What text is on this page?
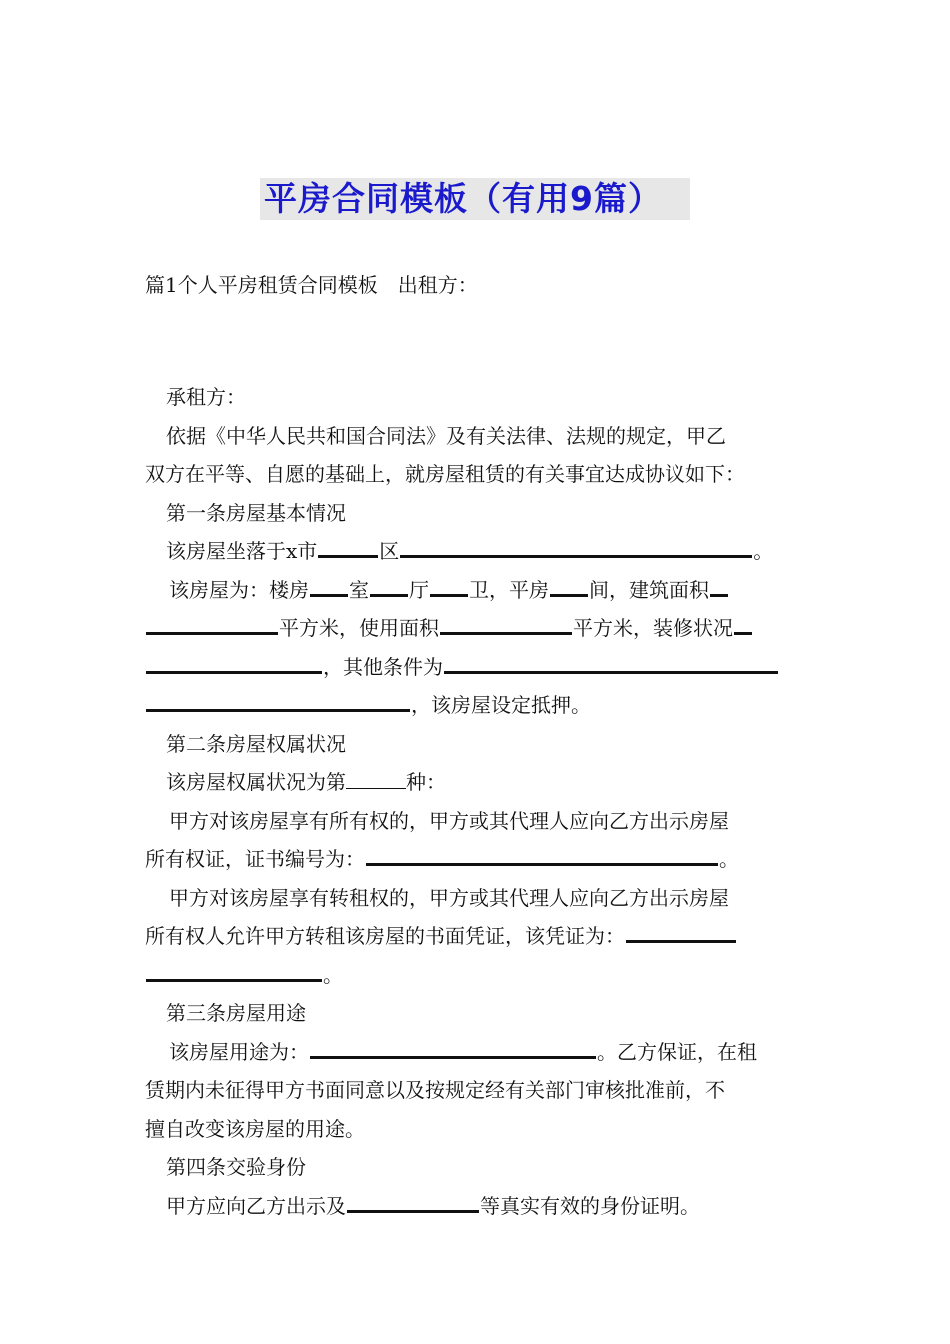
平房合同模板（有用9篇）

篇1个人平房租赁合同模板　出租方：

承租方：

依据《中华人民共和国合同法》及有关法律、法规的规定，甲乙

双方在平等、自愿的基础上，就房屋租赁的有关事宜达成协议如下：

第一条房屋基本情况

该房屋坐落于x市	区	。

该房屋为：楼房 室 厅 卫，平房 间，建筑面积

平方米，使用面积	平方米，装修状况

，其他条件为

，该房屋设定抵押。

第二条房屋权属状况

该房屋权属状况为第	种：

甲方对该房屋享有所有权的，甲方或其代理人应向乙方出示房屋

所有权证，证书编号为：	。

甲方对该房屋享有转租权的，甲方或其代理人应向乙方出示房屋

所有权人允许甲方转租该房屋的书面凭证，该凭证为：

。

第三条房屋用途

该房屋用途为：	。乙方保证，在租

赁期内未征得甲方书面同意以及按规定经有关部门审核批准前，不

擅自改变该房屋的用途。

第四条交验身份

甲方应向乙方出示及	等真实有效的身份证明。
